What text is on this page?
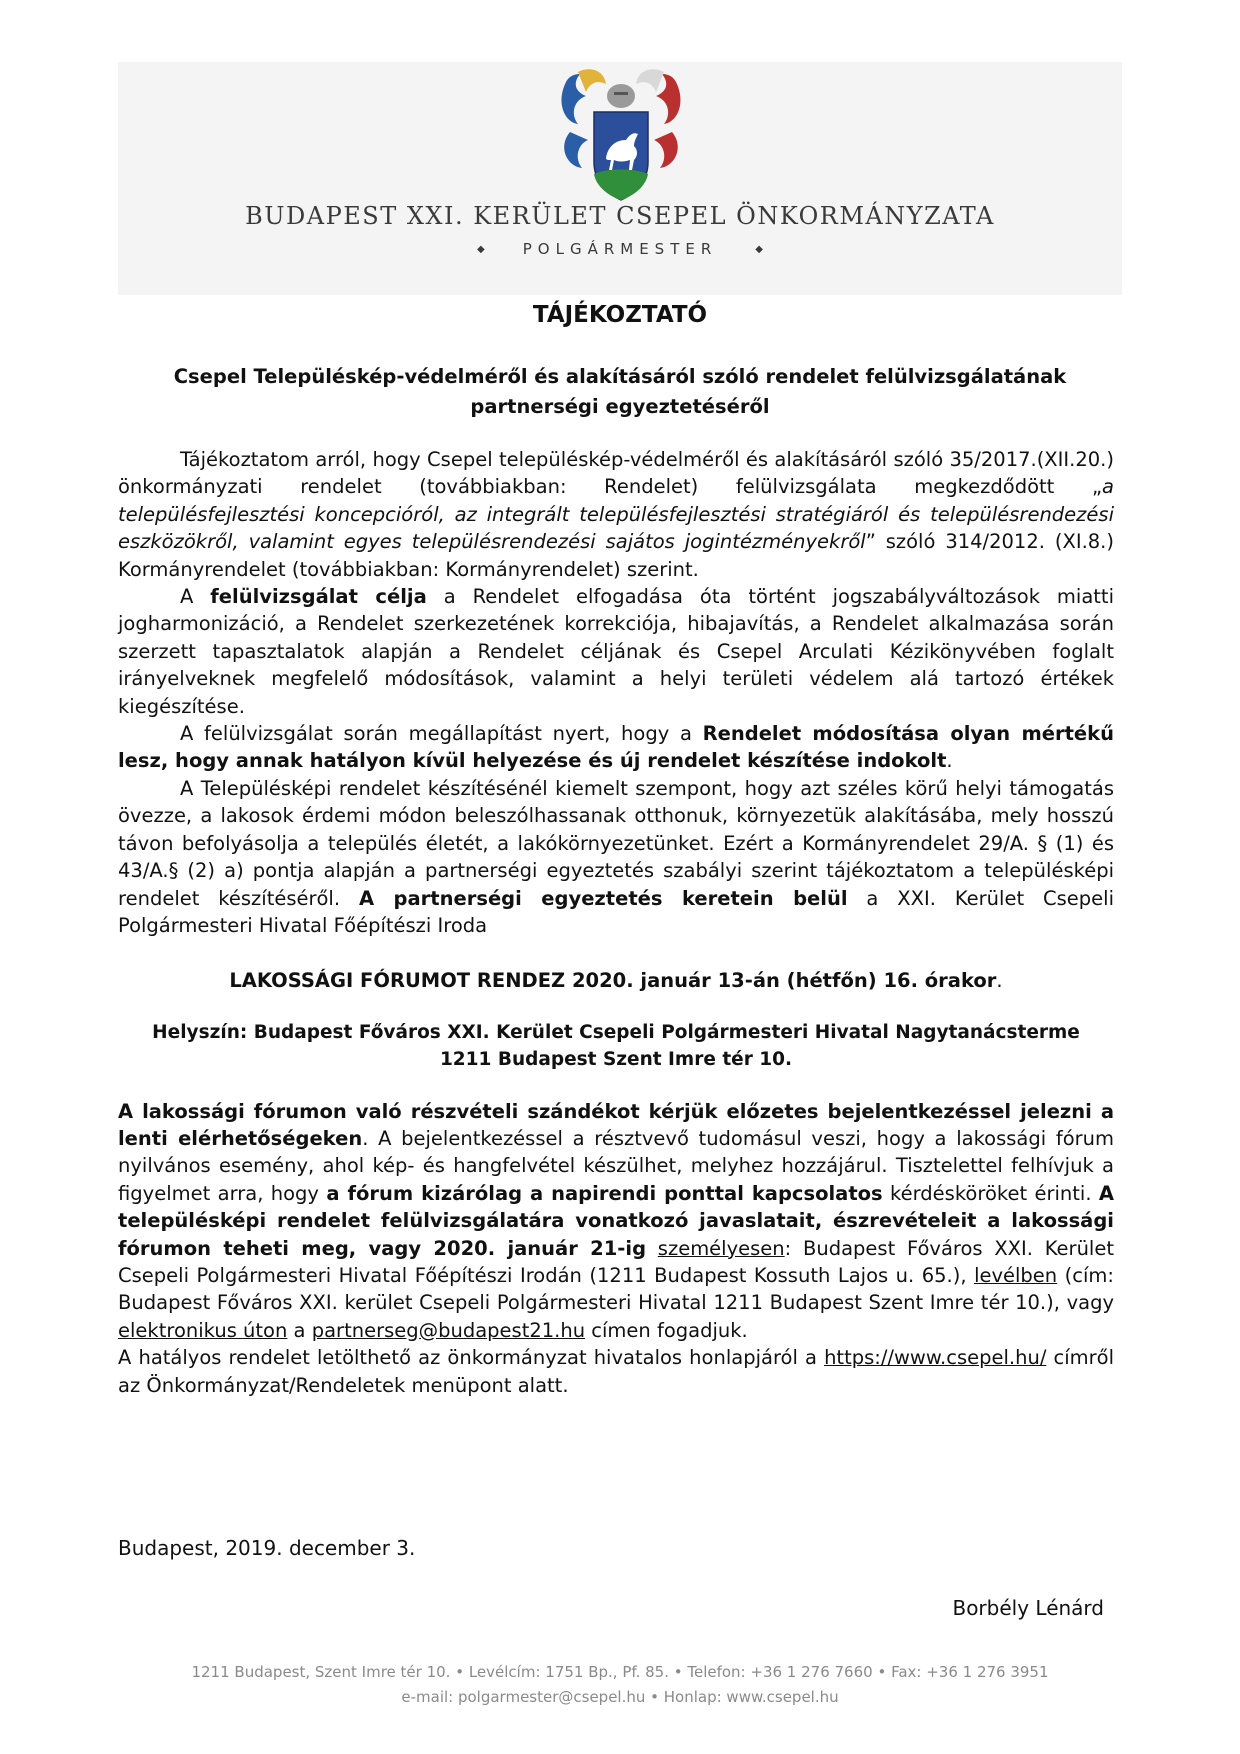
BUDAPEST XXI. KERÜLET CSEPEL ÖNKORMÁNYZATA
◆	POLGÁRMESTER	◆
TÁJÉKOZTATÓ
Csepel Településkép-védelméről és alakításáról szóló rendelet felülvizsgálatának partnerségi egyeztetéséről

Tájékoztatom arról, hogy Csepel településkép-védelméről és alakításáról szóló 35/2017.(XII.20.) önkormányzati rendelet (továbbiakban: Rendelet) felülvizsgálata megkezdődött „a településfejlesztési koncepcióról, az integrált településfejlesztési stratégiáról és településrendezési eszközökről, valamint egyes településrendezési sajátos jogintézményekről” szóló 314/2012. (XI.8.) Kormányrendelet (továbbiakban: Kormányrendelet) szerint.

A felülvizsgálat célja a Rendelet elfogadása óta történt jogszabályváltozások miatti jogharmonizáció, a Rendelet szerkezetének korrekciója, hibajavítás, a Rendelet alkalmazása során szerzett tapasztalatok alapján a Rendelet céljának és Csepel Arculati Kézikönyvében foglalt irányelveknek megfelelő módosítások, valamint a helyi területi védelem alá tartozó értékek kiegészítése.

A felülvizsgálat során megállapítást nyert, hogy a Rendelet módosítása olyan mértékű lesz, hogy annak hatályon kívül helyezése és új rendelet készítése indokolt.

A Településképi rendelet készítésénél kiemelt szempont, hogy azt széles körű helyi támogatás övezze, a lakosok érdemi módon beleszólhassanak otthonuk, környezetük alakításába, mely hosszú távon befolyásolja a település életét, a lakókörnyezetünket. Ezért a Kormányrendelet 29/A. § (1) és 43/A.§ (2) a) pontja alapján a partnerségi egyeztetés szabályi szerint tájékoztatom a településképi rendelet készítéséről. A partnerségi egyeztetés keretein belül a XXI. Kerület Csepeli Polgármesteri Hivatal Főépítészi Iroda

LAKOSSÁGI FÓRUMOT RENDEZ 2020. január 13-án (hétfőn) 16. órakor.

Helyszín: Budapest Főváros XXI. Kerület Csepeli Polgármesteri Hivatal Nagytanácsterme
1211 Budapest Szent Imre tér 10.

A lakossági fórumon való részvételi szándékot kérjük előzetes bejelentkezéssel jelezni a lenti elérhetőségeken. A bejelentkezéssel a résztvevő tudomásul veszi, hogy a lakossági fórum nyilvános esemény, ahol kép- és hangfelvétel készülhet, melyhez hozzájárul. Tisztelettel felhívjuk a figyelmet arra, hogy a fórum kizárólag a napirendi ponttal kapcsolatos kérdésköröket érinti. A településképi rendelet felülvizsgálatára vonatkozó javaslatait, észrevételeit a lakossági fórumon teheti meg, vagy 2020. január 21-ig személyesen: Budapest Főváros XXI. Kerület Csepeli Polgármesteri Hivatal Főépítészi Irodán (1211 Budapest Kossuth Lajos u. 65.), levélben (cím: Budapest Főváros XXI. kerület Csepeli Polgármesteri Hivatal 1211 Budapest Szent Imre tér 10.), vagy elektronikus úton a partnerseg@budapest21.hu címen fogadjuk.

A hatályos rendelet letölthető az önkormányzat hivatalos honlapjáról a https://www.csepel.hu/ címről az Önkormányzat/Rendeletek menüpont alatt.

Budapest, 2019. december 3.
Borbély Lénárd
1211 Budapest, Szent Imre tér 10. • Levélcím: 1751 Bp., Pf. 85. • Telefon: +36 1 276 7660 • Fax: +36 1 276 3951
e-mail: polgarmester@csepel.hu • Honlap: www.csepel.hu
